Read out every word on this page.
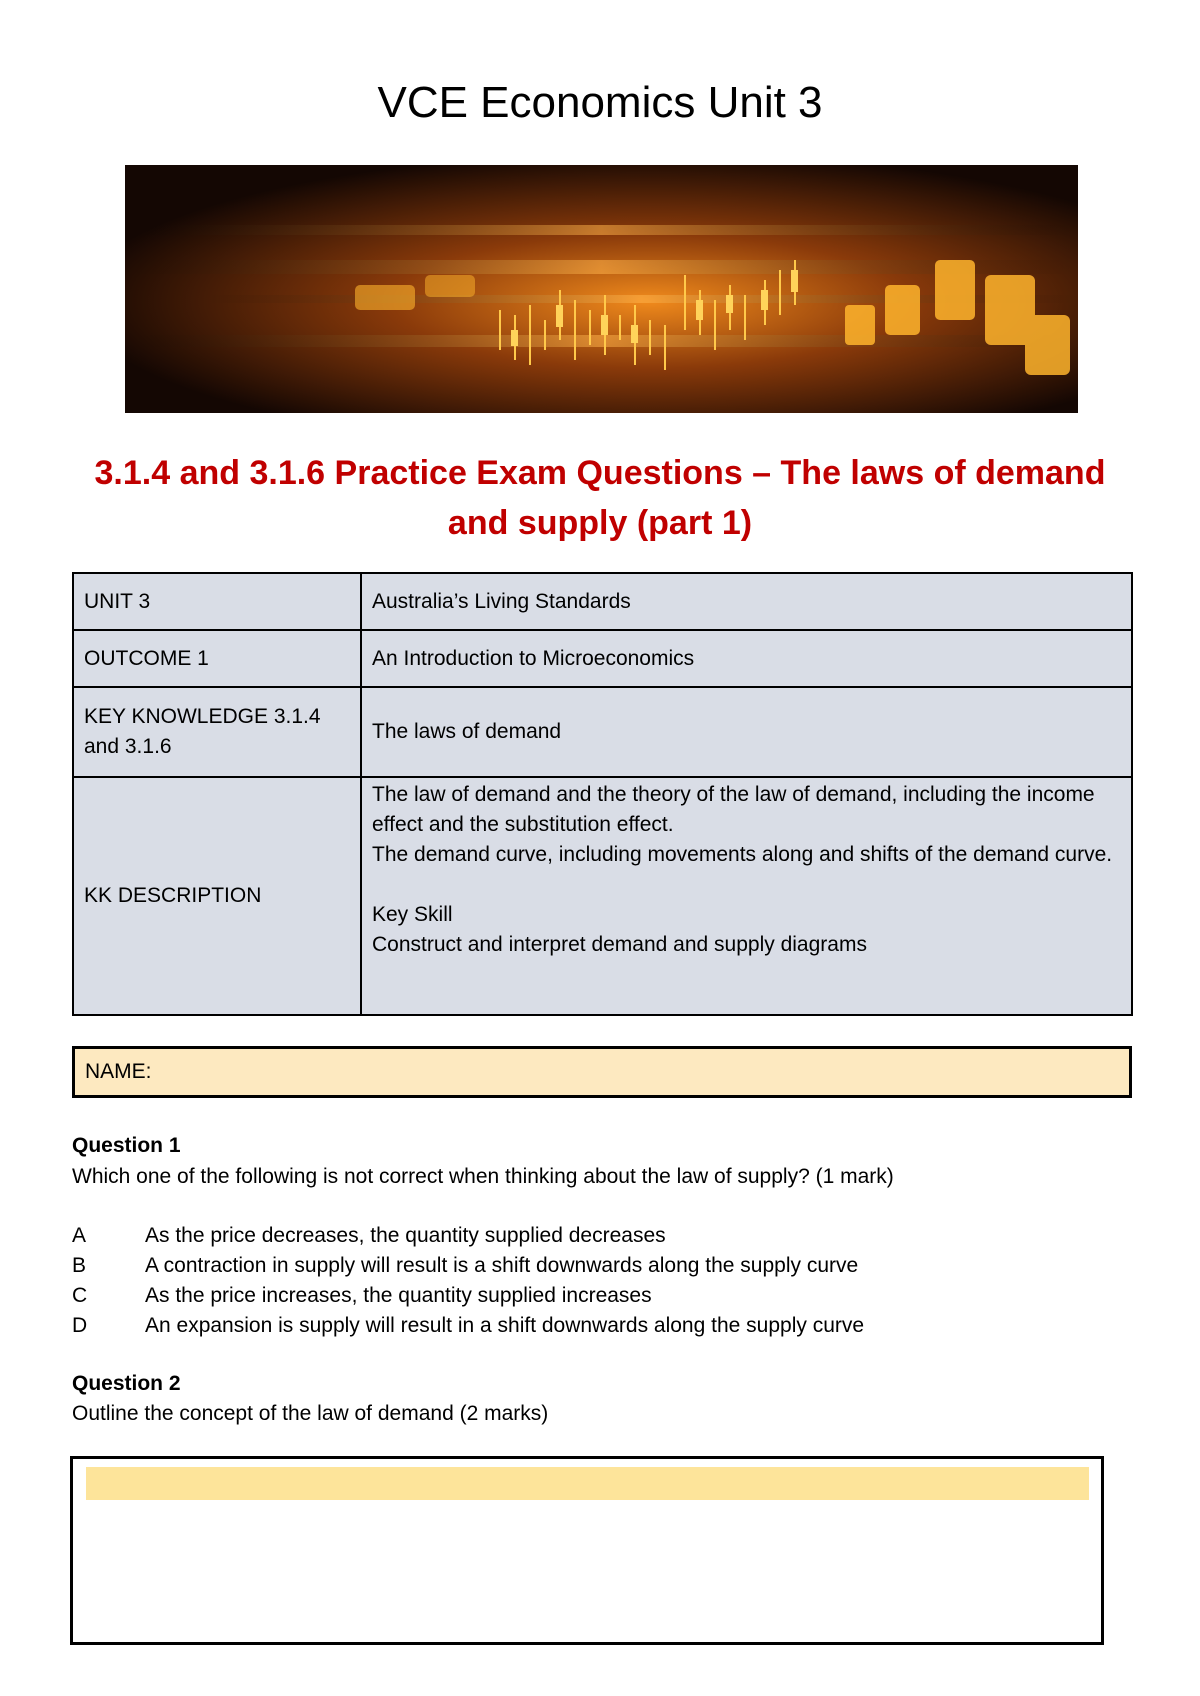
VCE Economics Unit 3
3.1.4 and 3.1.6 Practice Exam Questions – The laws of demand and supply (part 1)
UNIT 3	Australia’s Living Standards
OUTCOME 1	An Introduction to Microeconomics
KEY KNOWLEDGE 3.1.4 and 3.1.6	The laws of demand
KK DESCRIPTION	The law of demand and the theory of the law of demand, including the income effect and the substitution effect.
The demand curve, including movements along and shifts of the demand curve.
Key Skill
Construct and interpret demand and supply diagrams
NAME:
Question 1
Which one of the following is not correct when thinking about the law of supply? (1 mark)
A	As the price decreases, the quantity supplied decreases
B	A contraction in supply will result is a shift downwards along the supply curve
C	As the price increases, the quantity supplied increases
D	An expansion is supply will result in a shift downwards along the supply curve
Question 2
Outline the concept of the law of demand (2 marks)
